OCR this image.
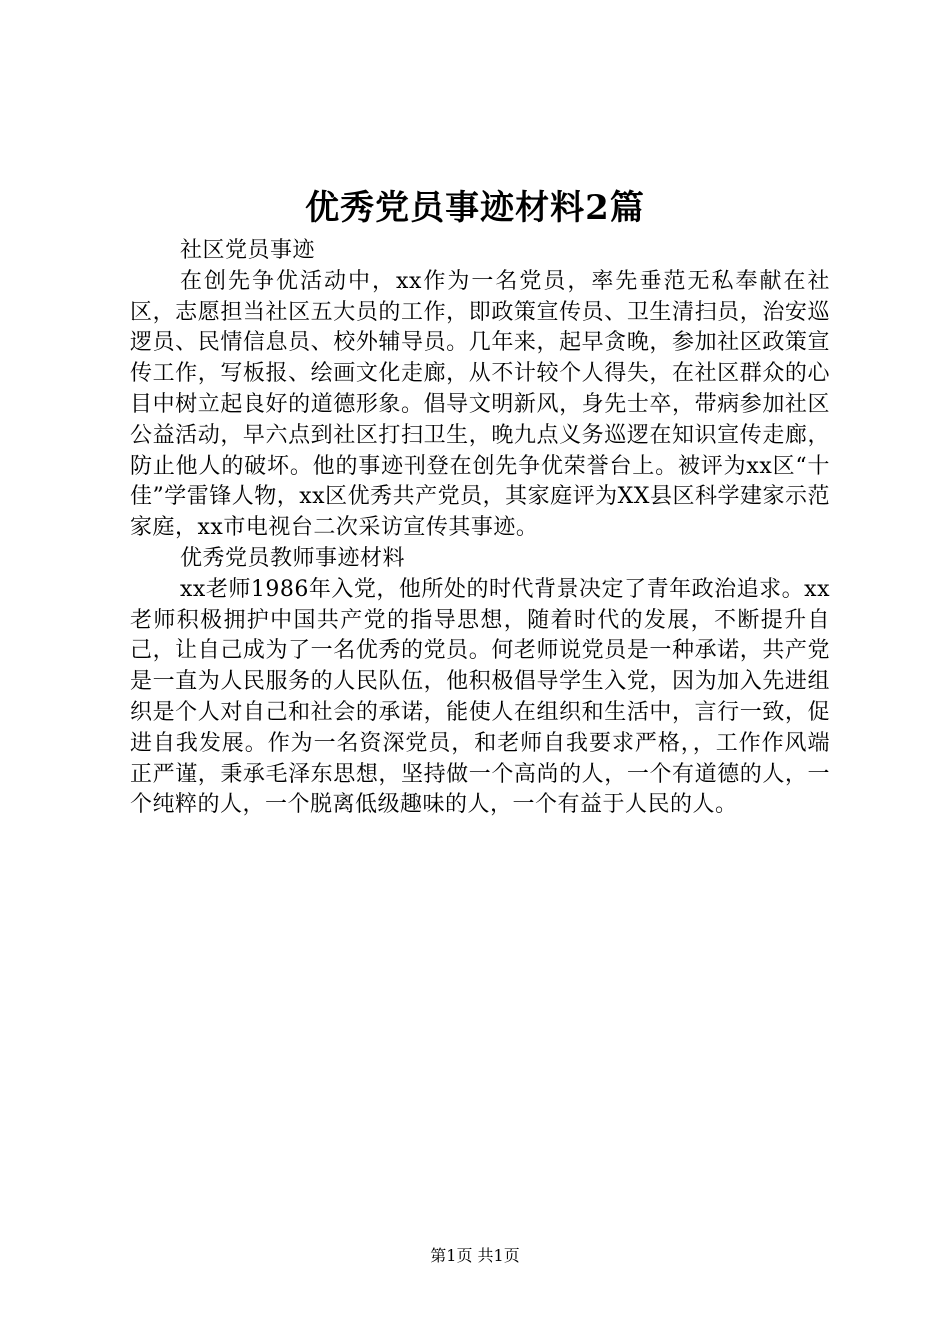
优秀党员事迹材料2篇

社区党员事迹

在创先争优活动中，xx作为一名党员，率先垂范无私奉献在社区，志愿担当社区五大员的工作，即政策宣传员、卫生清扫员，治安巡逻员、民情信息员、校外辅导员。几年来，起早贪晚，参加社区政策宣传工作，写板报、绘画文化走廊，从不计较个人得失，在社区群众的心目中树立起良好的道德形象。倡导文明新风，身先士卒，带病参加社区公益活动，早六点到社区打扫卫生，晚九点义务巡逻在知识宣传走廊，防止他人的破坏。他的事迹刊登在创先争优荣誉台上。被评为xx区“十佳”学雷锋人物，xx区优秀共产党员，其家庭评为XX县区科学建家示范家庭，xx市电视台二次采访宣传其事迹。

优秀党员教师事迹材料

xx老师1986年入党，他所处的时代背景决定了青年政治追求。xx老师积极拥护中国共产党的指导思想，随着时代的发展，不断提升自己，让自己成为了一名优秀的党员。何老师说党员是一种承诺，共产党是一直为人民服务的人民队伍，他积极倡导学生入党，因为加入先进组织是个人对自己和社会的承诺，能使人在组织和生活中，言行一致，促进自我发展。作为一名资深党员，和老师自我要求严格，，工作作风端正严谨，秉承毛泽东思想，坚持做一个高尚的人，一个有道德的人，一个纯粹的人，一个脱离低级趣味的人，一个有益于人民的人。

第1页 共1页
